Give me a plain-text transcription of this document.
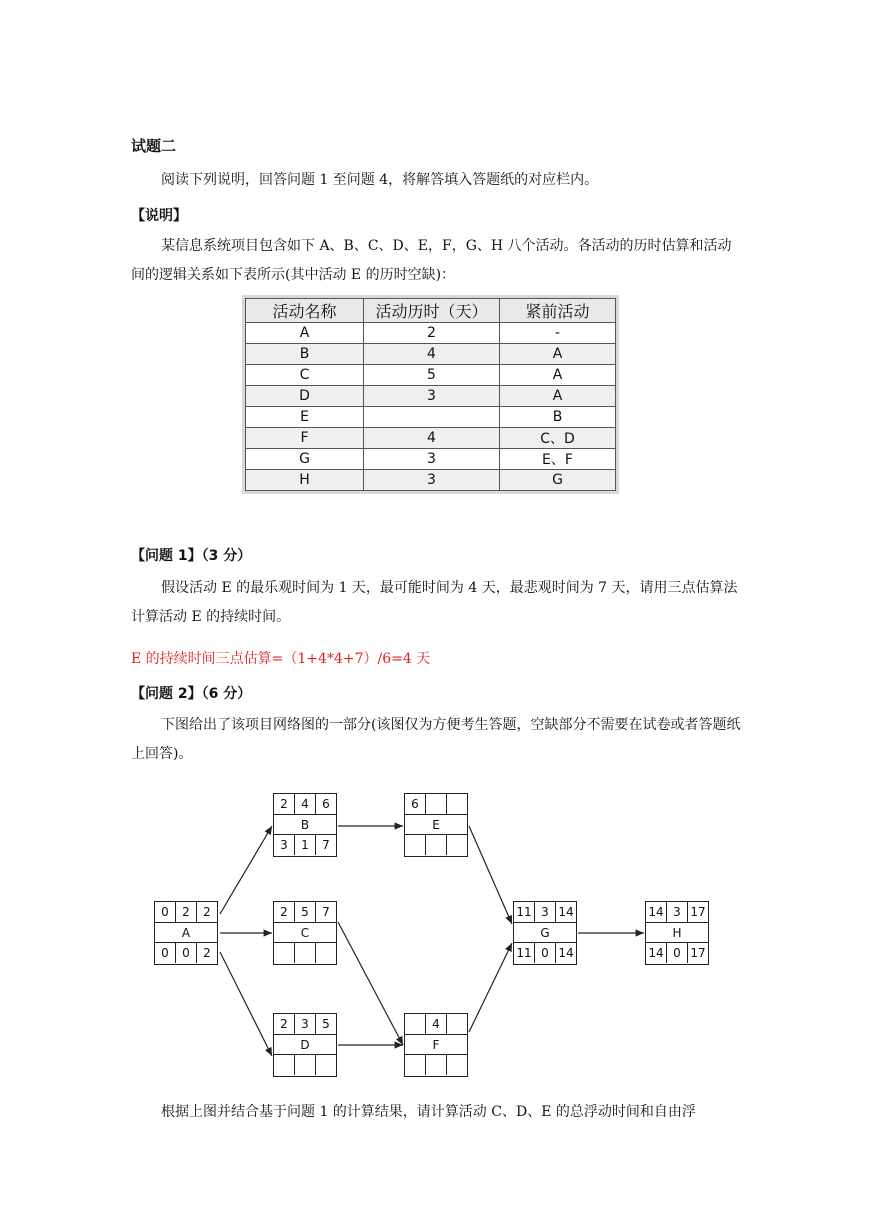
试题二
阅读下列说明，回答问题 1 至问题 4，将解答填入答题纸的对应栏内。
【说明】
某信息系统项目包含如下 A、B、C、D、E，F，G、H 八个活动。各活动的历时估算和活动间的逻辑关系如下表所示(其中活动 E 的历时空缺)：
活动名称	活动历时（天）	紧前活动
A	2	-
B	4	A
C	5	A
D	3	A
E		B
F	4	C、D
G	3	E、F
H	3	G
【问题 1】（3 分）
假设活动 E 的最乐观时间为 1 天，最可能时间为 4 天，最悲观时间为 7 天，请用三点估算法计算活动 E 的持续时间。
E 的持续时间三点估算=（1+4*4+7）/6=4 天
【问题 2】（6 分）
下图给出了该项目网络图的一部分(该图仅为方便考生答题，空缺部分不需要在试卷或者答题纸上回答)。
0	2	2
A
0	0	2
2	4	6
B
3	1	7
2	5	7
C
2	3	5
D
6
E
4
F
11 3 14
G
11 0 14
14 3 17
H
14 0 17
根据上图并结合基于问题 1 的计算结果，请计算活动 C、D、E 的总浮动时间和自由浮
